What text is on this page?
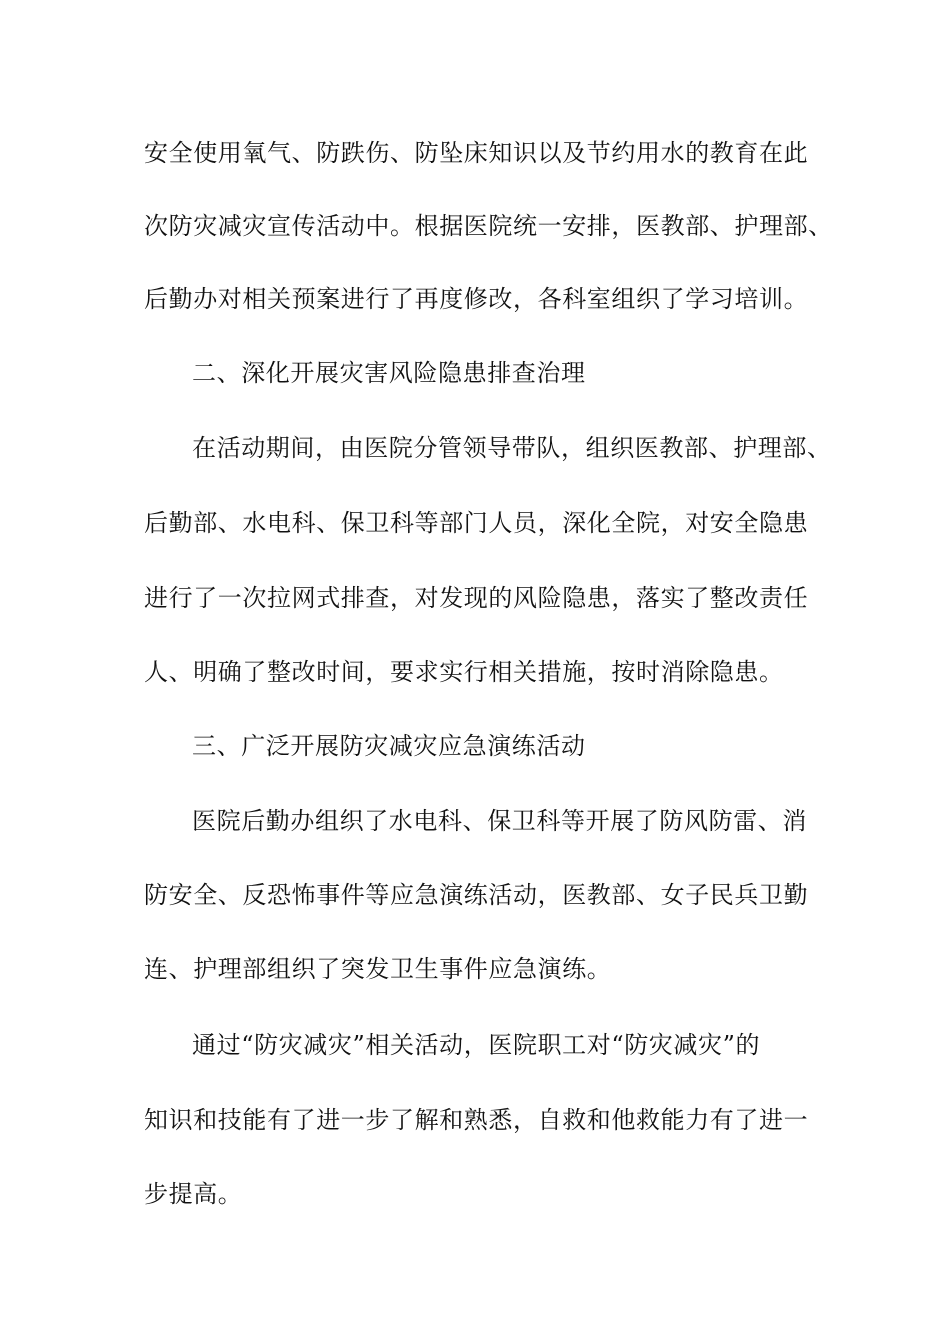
安全使用氧气、防跌伤、防坠床知识以及节约用水的教育在此
次防灾减灾宣传活动中。根据医院统一安排，医教部、护理部、
后勤办对相关预案进行了再度修改，各科室组织了学习培训。
二、深化开展灾害风险隐患排查治理
在活动期间，由医院分管领导带队，组织医教部、护理部、
后勤部、水电科、保卫科等部门人员，深化全院，对安全隐患
进行了一次拉网式排查，对发现的风险隐患，落实了整改责任
人、明确了整改时间，要求实行相关措施，按时消除隐患。
三、广泛开展防灾减灾应急演练活动
医院后勤办组织了水电科、保卫科等开展了防风防雷、消
防安全、反恐怖事件等应急演练活动，医教部、女子民兵卫勤
连、护理部组织了突发卫生事件应急演练。
通过“防灾减灾”相关活动，医院职工对“防灾减灾”的
知识和技能有了进一步了解和熟悉，自救和他救能力有了进一
步提高。
